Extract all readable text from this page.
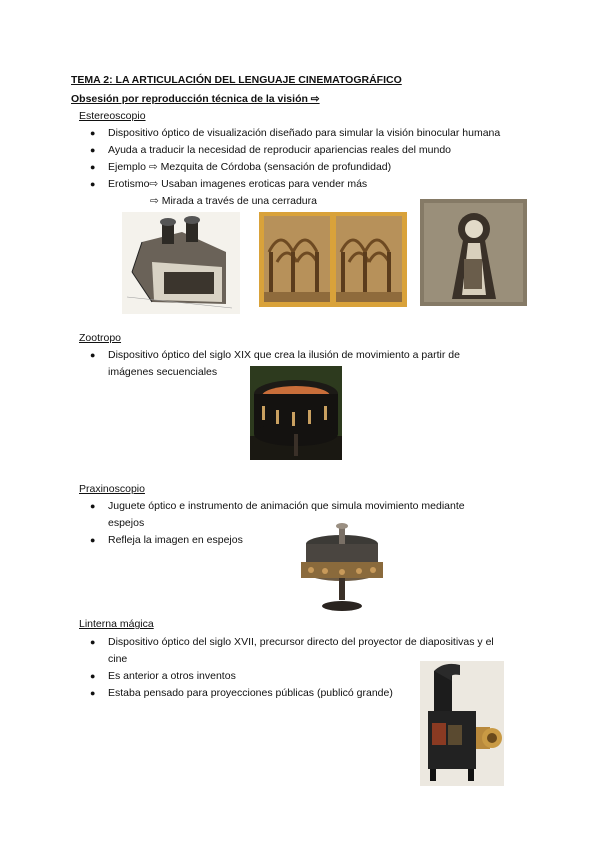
TEMA 2: LA ARTICULACIÓN DEL LENGUAJE CINEMATOGRÁFICO
Obsesión por reproducción técnica de la visión ⇨
Estereoscopio
● Dispositivo óptico de visualización diseñado para simular la visión binocular humana
● Ayuda a traducir la necesidad de reproducir apariencias reales del mundo
● Ejemplo ⇨ Mezquita de Córdoba (sensación de profundidad)
● Erotismo⇨ Usaban imagenes eroticas para vender más
⇨ Mirada a través de una cerradura
Zootropo
● Dispositivo óptico del siglo XIX que crea la ilusión de movimiento a partir de
imágenes secuenciales
Praxinoscopio
● Juguete óptico e instrumento de animación que simula movimiento mediante
espejos
● Refleja la imagen en espejos
Linterna mágica
● Dispositivo óptico del siglo XVII, precursor directo del proyector de diapositivas y el
cine
● Es anterior a otros inventos
● Estaba pensado para proyecciones públicas (publicó grande)
